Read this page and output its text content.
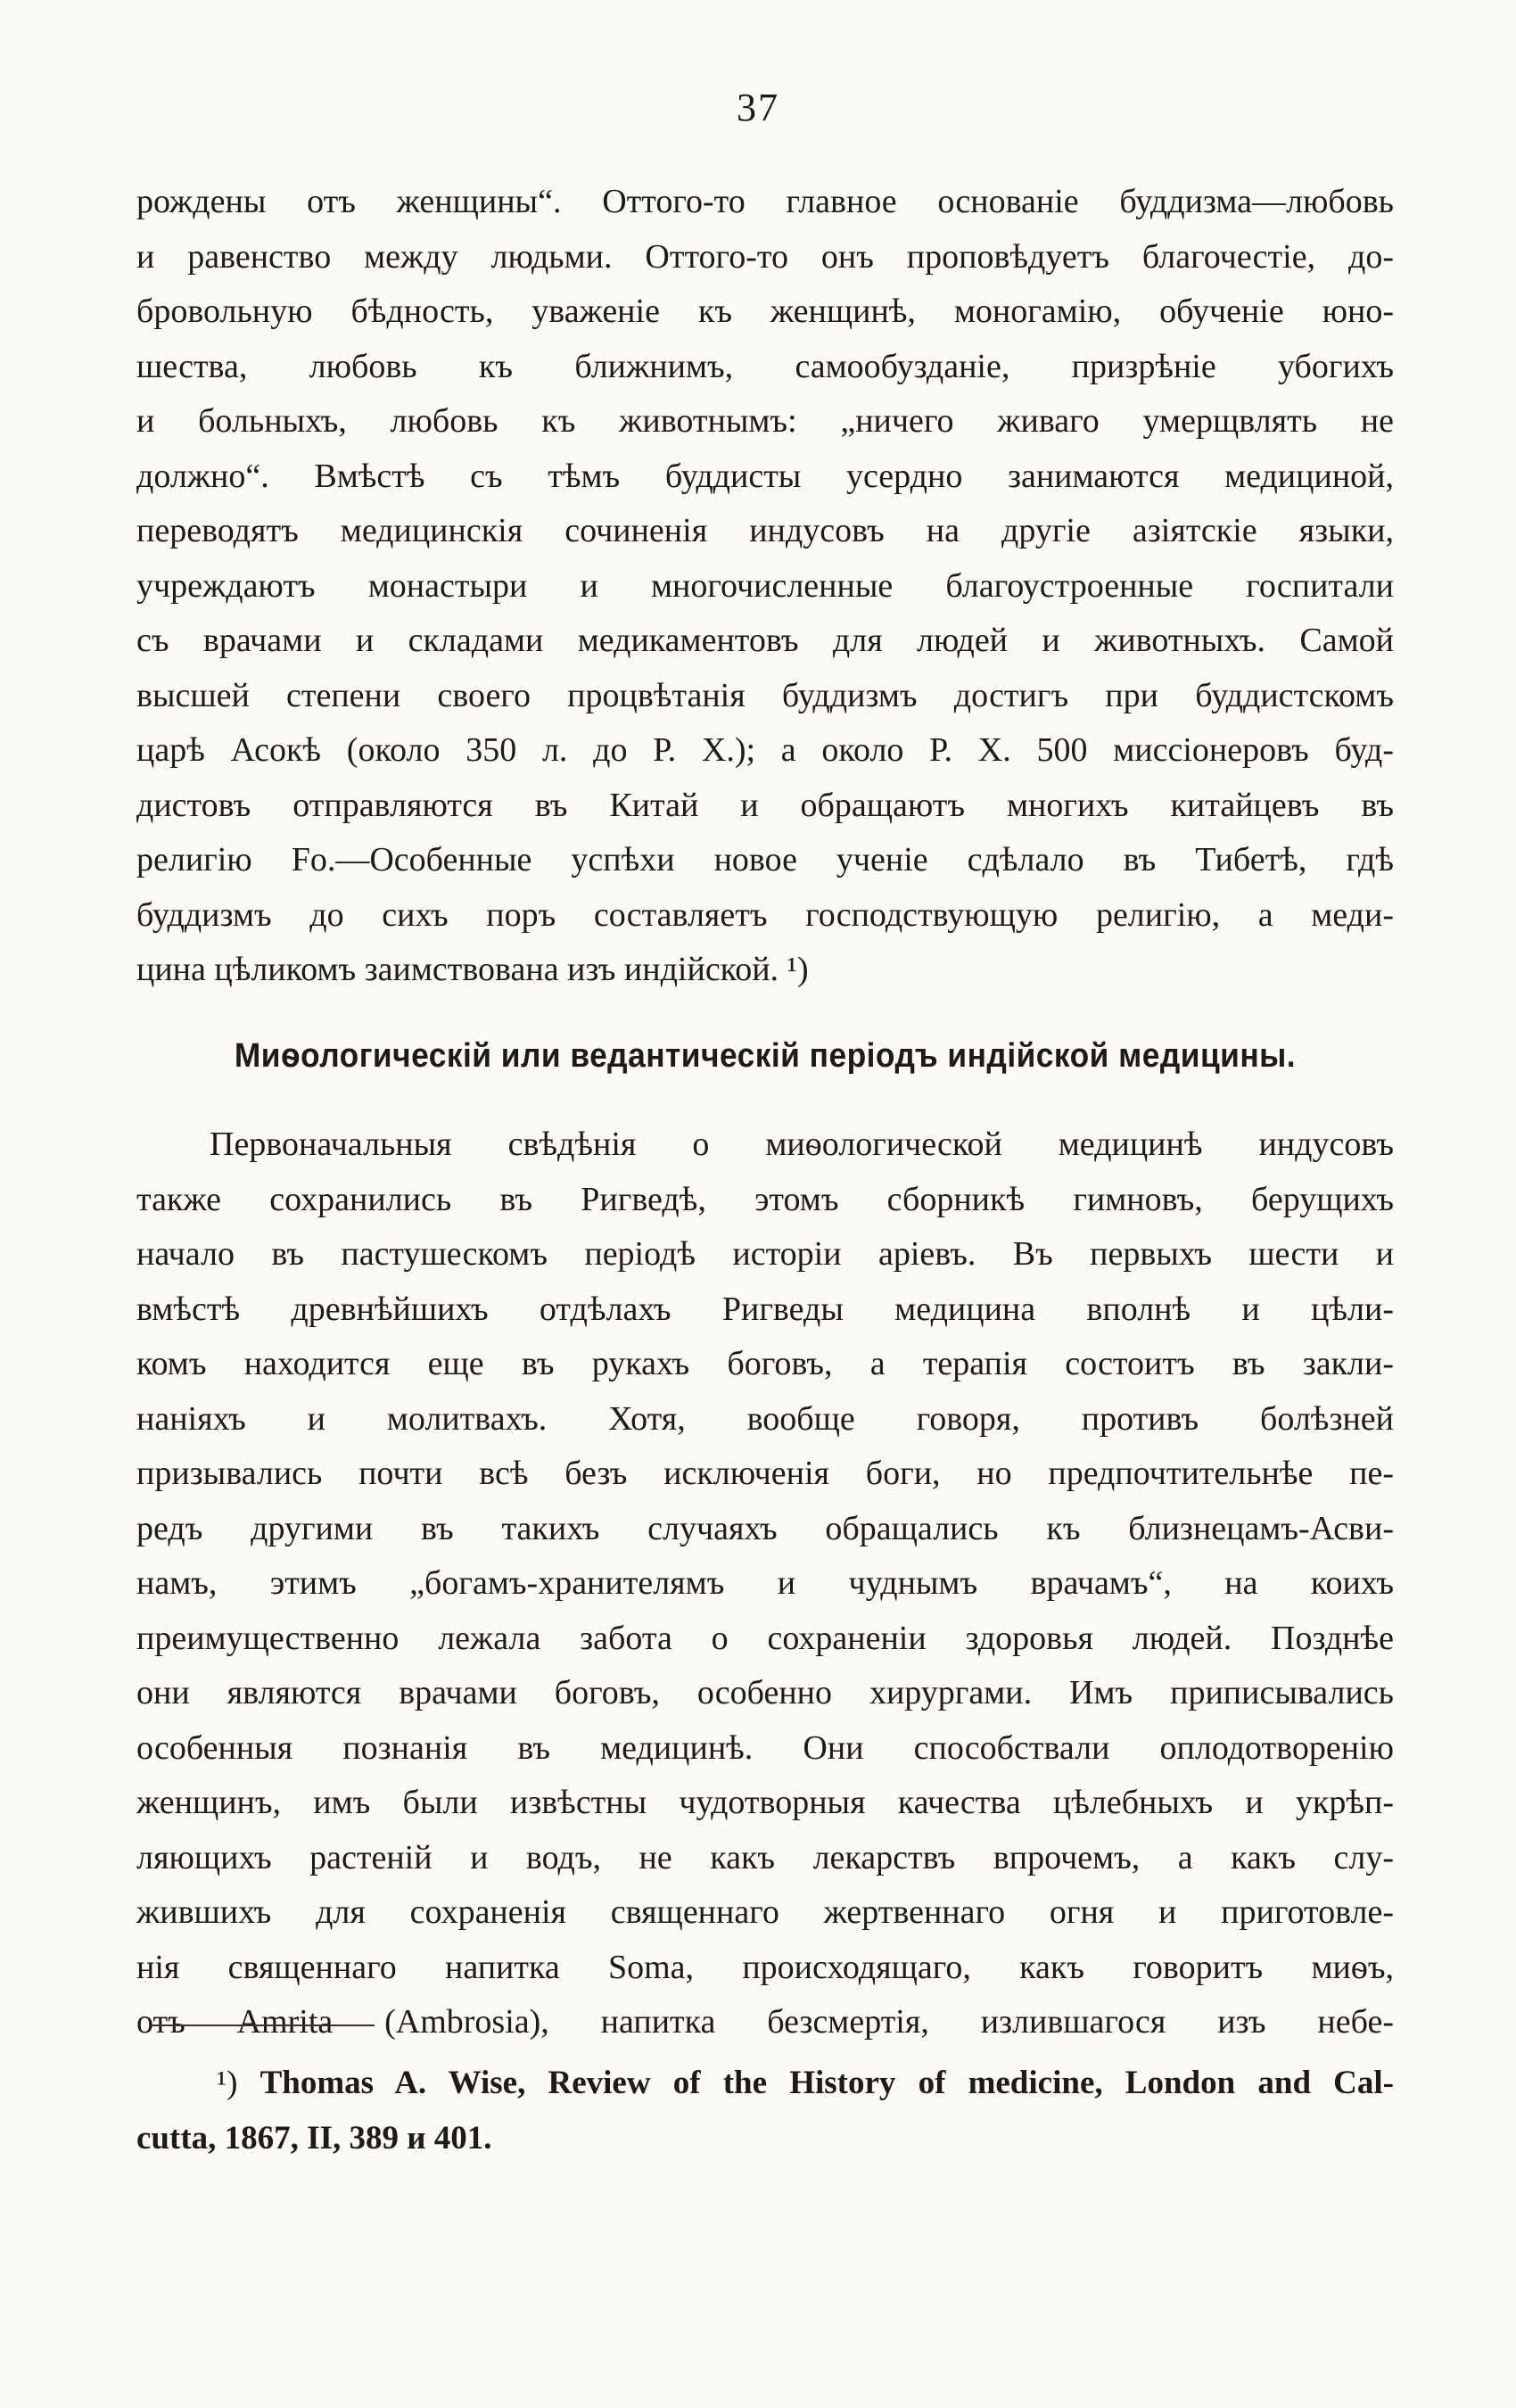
37
рождены отъ женщины“. Оттого-то главное основаніе буддизма—любовь
и равенство между людьми. Оттого-то онъ проповѣдуетъ благочестіе, до-
бровольную бѣдность, уваженіе къ женщинѣ, моногамію, обученіе юно-
шества, любовь къ ближнимъ, самообузданіе, призрѣніе убогихъ
и больныхъ, любовь къ животнымъ: „ничего живаго умерщвлять не
должно“. Вмѣстѣ съ тѣмъ буддисты усердно занимаются медициной,
переводятъ медицинскія сочиненія индусовъ на другіе азіятскіе языки,
учреждаютъ монастыри и многочисленные благоустроенные госпитали
съ врачами и складами медикаментовъ для людей и животныхъ. Самой
высшей степени своего процвѣтанія буддизмъ достигъ при буддистскомъ
царѣ Асокѣ (около 350 л. до Р. Х.); а около Р. Х. 500 миссіонеровъ буд-
дистовъ отправляются въ Китай и обращаютъ многихъ китайцевъ въ
религію Fo.—Особенные успѣхи новое ученіе сдѣлало въ Тибетѣ, гдѣ
буддизмъ до сихъ поръ составляетъ господствующую религію, а меди-
цина цѣликомъ заимствована изъ индійской. ¹)
Миѳологическій или ведантическій періодъ индійской медицины.
Первоначальныя свѣдѣнія о миѳологической медицинѣ индусовъ
также сохранились въ Ригведѣ, этомъ сборникѣ гимновъ, берущихъ
начало въ пастушескомъ періодѣ исторіи аріевъ. Въ первыхъ шести и
вмѣстѣ древнѣйшихъ отдѣлахъ Ригведы медицина вполнѣ и цѣли-
комъ находится еще въ рукахъ боговъ, а терапія состоитъ въ закли-
наніяхъ и молитвахъ. Хотя, вообще говоря, противъ болѣзней
призывались почти всѣ безъ исключенія боги, но предпочтительнѣе пе-
редъ другими въ такихъ случаяхъ обращались къ близнецамъ-Асви-
намъ, этимъ „богамъ-хранителямъ и чуднымъ врачамъ“, на коихъ
преимущественно лежала забота о сохраненіи здоровья людей. Позднѣе
они являются врачами боговъ, особенно хирургами. Имъ приписывались
особенныя познанія въ медицинѣ. Они способствали оплодотворенію
женщинъ, имъ были извѣстны чудотворныя качества цѣлебныхъ и укрѣп-
ляющихъ растеній и водъ, не какъ лекарствъ впрочемъ, а какъ слу-
жившихъ для сохраненія священнаго жертвеннаго огня и приготовле-
нія священнаго напитка Soma, происходящаго, какъ говоритъ миѳъ,
отъ Amrita (Ambrosia), напитка безсмертія, излившагося изъ небе-
¹) Thomas A. Wise, Review of the History of medicine, London and Cal-
cutta, 1867, II, 389 и 401.
